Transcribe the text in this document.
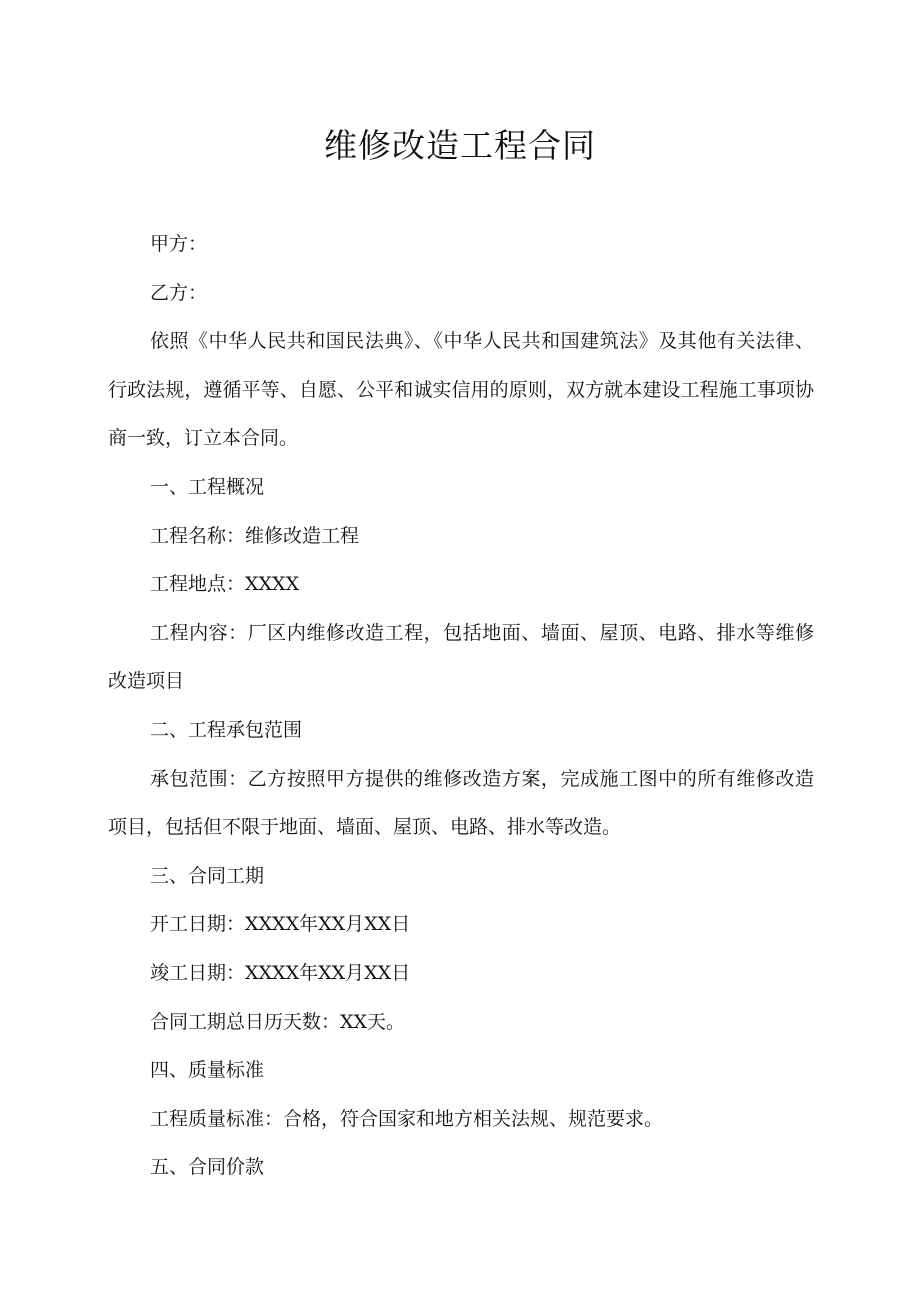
维修改造工程合同

甲方：

乙方：

依照《中华人民共和国民法典》、《中华人民共和国建筑法》及其他有关法律、行政法规，遵循平等、自愿、公平和诚实信用的原则，双方就本建设工程施工事项协商一致，订立本合同。

一、工程概况

工程名称：维修改造工程

工程地点：XXXX

工程内容：厂区内维修改造工程，包括地面、墙面、屋顶、电路、排水等维修改造项目

二、工程承包范围

承包范围：乙方按照甲方提供的维修改造方案，完成施工图中的所有维修改造项目，包括但不限于地面、墙面、屋顶、电路、排水等改造。

三、合同工期

开工日期：XXXX年XX月XX日

竣工日期：XXXX年XX月XX日

合同工期总日历天数：XX天。

四、质量标准

工程质量标准：合格，符合国家和地方相关法规、规范要求。

五、合同价款
